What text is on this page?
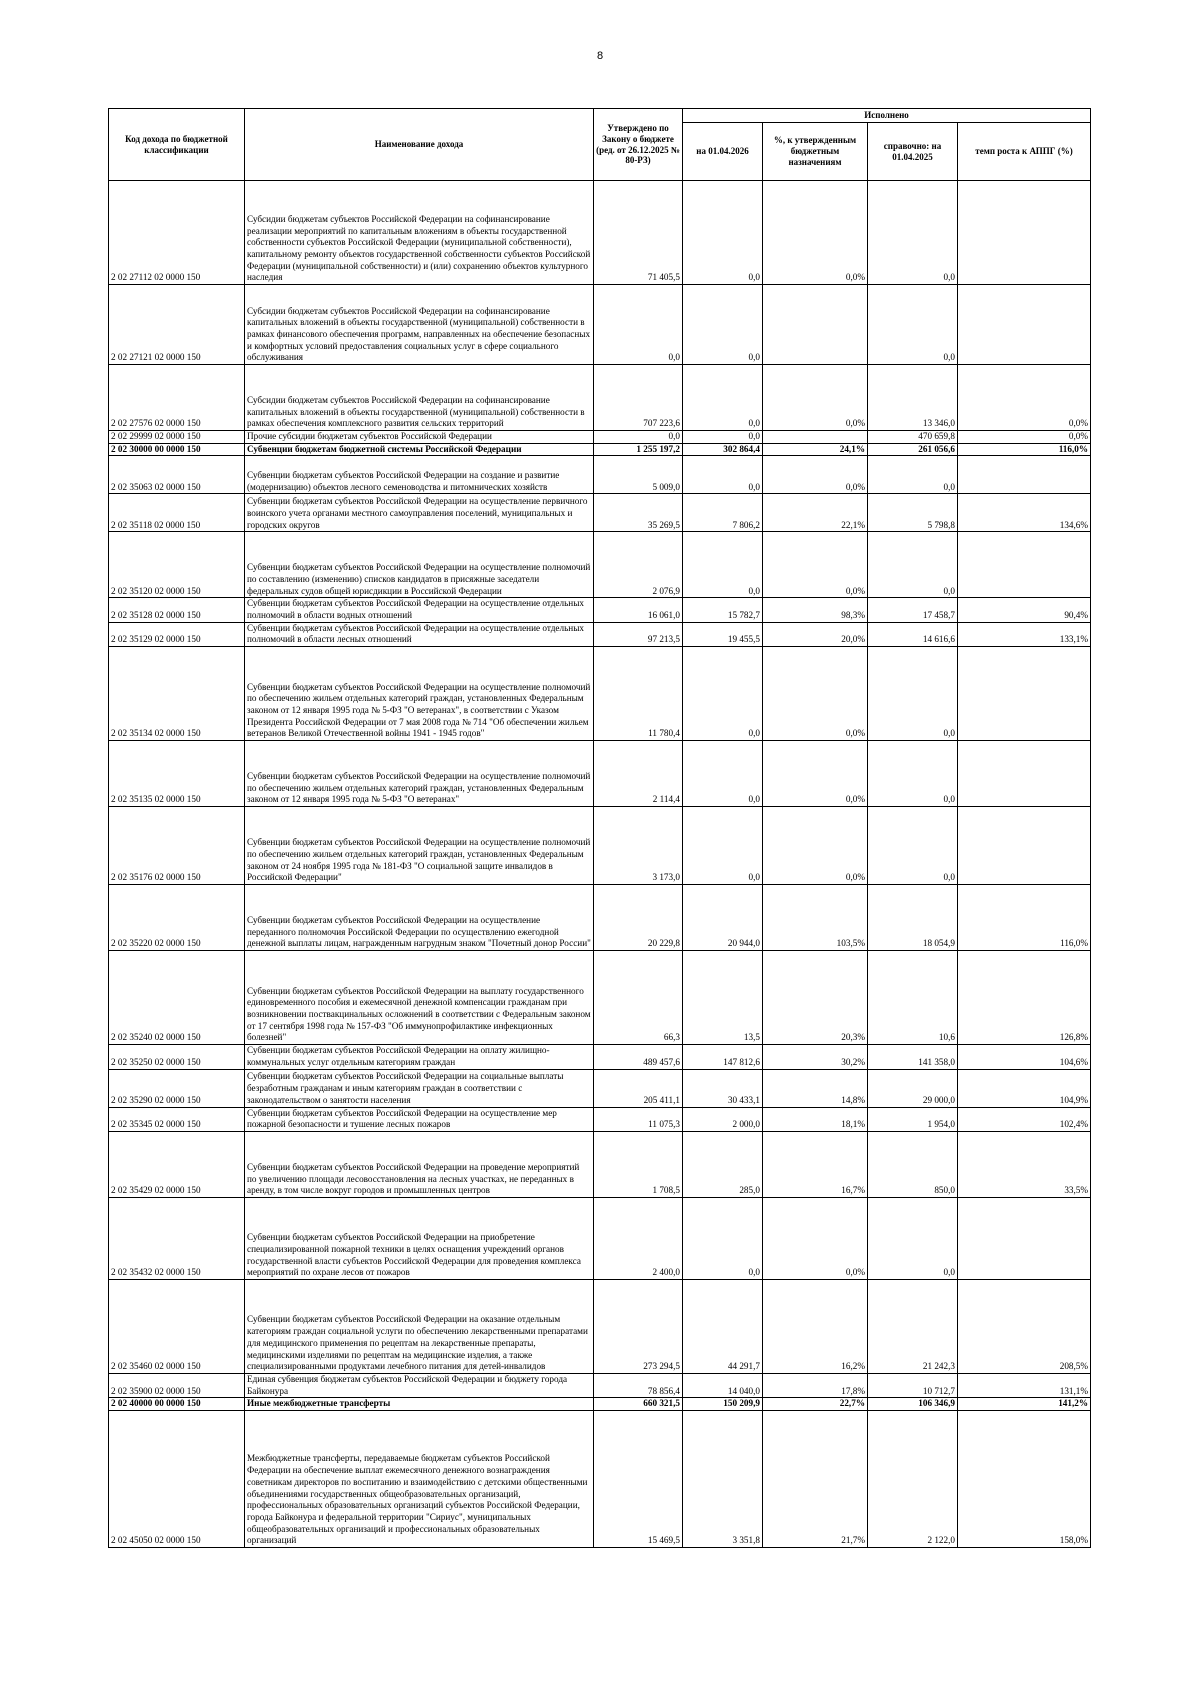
8
Код дохода по бюджетной классификации	Наименование дохода	Утверждено по Закону о бюджете (ред. от 26.12.2025 № 80-РЗ)	Исполнено			
			на 01.04.2026	%, к утвержденным бюджетным назначениям	справочно: на 01.04.2025	темп роста к АППГ (%)
2 02 27112 02 0000 150	Субсидии бюджетам субъектов Российской Федерации на софинансирование реализации мероприятий по капитальным вложениям в объекты государственной собственности субъектов Российской Федерации (муниципальной собственности), капитальному ремонту объектов государственной собственности субъектов Российской Федерации (муниципальной собственности) и (или) сохранению объектов культурного наследия	71 405,5	0,0	0,0%	0,0	
2 02 27121 02 0000 150	Субсидии бюджетам субъектов Российской Федерации на софинансирование капитальных вложений в объекты государственной (муниципальной) собственности в рамках финансового обеспечения программ, направленных на обеспечение безопасных и комфортных условий предоставления социальных услуг в сфере социального обслуживания	0,0	0,0		0,0	
2 02 27576 02 0000 150	Субсидии бюджетам субъектов Российской Федерации на софинансирование капитальных вложений в объекты государственной (муниципальной) собственности в рамках обеспечения комплексного развития сельских территорий	707 223,6	0,0	0,0%	13 346,0	0,0%
2 02 29999 02 0000 150	Прочие субсидии бюджетам субъектов Российской Федерации	0,0	0,0		470 659,8	0,0%
2 02 30000 00 0000 150	Субвенции бюджетам бюджетной системы Российской Федерации	1 255 197,2	302 864,4	24,1%	261 056,6	116,0%
2 02 35063 02 0000 150	Субвенции бюджетам субъектов Российской Федерации на создание и развитие (модернизацию) объектов лесного семеноводства и питомнических хозяйств	5 009,0	0,0	0,0%	0,0	
2 02 35118 02 0000 150	Субвенции бюджетам субъектов Российской Федерации на осуществление первичного воинского учета органами местного самоуправления поселений, муниципальных и городских округов	35 269,5	7 806,2	22,1%	5 798,8	134,6%
2 02 35120 02 0000 150	Субвенции бюджетам субъектов Российской Федерации на осуществление полномочий по составлению (изменению) списков кандидатов в присяжные заседатели федеральных судов общей юрисдикции в Российской Федерации	2 076,9	0,0	0,0%	0,0	
2 02 35128 02 0000 150	Субвенции бюджетам субъектов Российской Федерации на осуществление отдельных полномочий в области водных отношений	16 061,0	15 782,7	98,3%	17 458,7	90,4%
2 02 35129 02 0000 150	Субвенции бюджетам субъектов Российской Федерации на осуществление отдельных полномочий в области лесных отношений	97 213,5	19 455,5	20,0%	14 616,6	133,1%
2 02 35134 02 0000 150	Субвенции бюджетам субъектов Российской Федерации на осуществление полномочий по обеспечению жильем отдельных категорий граждан, установленных Федеральным законом от 12 января 1995 года № 5-ФЗ "О ветеранах", в соответствии с Указом Президента Российской Федерации от 7 мая 2008 года № 714 "Об обеспечении жильем ветеранов Великой Отечественной войны 1941 - 1945 годов"	11 780,4	0,0	0,0%	0,0	
2 02 35135 02 0000 150	Субвенции бюджетам субъектов Российской Федерации на осуществление полномочий по обеспечению жильем отдельных категорий граждан, установленных Федеральным законом от 12 января 1995 года № 5-ФЗ "О ветеранах"	2 114,4	0,0	0,0%	0,0	
2 02 35176 02 0000 150	Субвенции бюджетам субъектов Российской Федерации на осуществление полномочий по обеспечению жильем отдельных категорий граждан, установленных Федеральным законом от 24 ноября 1995 года № 181-ФЗ "О социальной защите инвалидов в Российской Федерации"	3 173,0	0,0	0,0%	0,0	
2 02 35220 02 0000 150	Субвенции бюджетам субъектов Российской Федерации на осуществление переданного полномочия Российской Федерации по осуществлению ежегодной денежной выплаты лицам, награжденным нагрудным знаком "Почетный донор России"	20 229,8	20 944,0	103,5%	18 054,9	116,0%
2 02 35240 02 0000 150	Субвенции бюджетам субъектов Российской Федерации на выплату государственного единовременного пособия и ежемесячной денежной компенсации гражданам при возникновении поствакцинальных осложнений в соответствии с Федеральным законом от 17 сентября 1998 года № 157-ФЗ "Об иммунопрофилактике инфекционных болезней"	66,3	13,5	20,3%	10,6	126,8%
2 02 35250 02 0000 150	Субвенции бюджетам субъектов Российской Федерации на оплату жилищно-коммунальных услуг отдельным категориям граждан	489 457,6	147 812,6	30,2%	141 358,0	104,6%
2 02 35290 02 0000 150	Субвенции бюджетам субъектов Российской Федерации на социальные выплаты безработным гражданам и иным категориям граждан в соответствии с законодательством о занятости населения	205 411,1	30 433,1	14,8%	29 000,0	104,9%
2 02 35345 02 0000 150	Субвенции бюджетам субъектов Российской Федерации на осуществление мер пожарной безопасности и тушение лесных пожаров	11 075,3	2 000,0	18,1%	1 954,0	102,4%
2 02 35429 02 0000 150	Субвенции бюджетам субъектов Российской Федерации на проведение мероприятий по увеличению площади лесовосстановления на лесных участках, не переданных в аренду, в том числе вокруг городов и промышленных центров	1 708,5	285,0	16,7%	850,0	33,5%
2 02 35432 02 0000 150	Субвенции бюджетам субъектов Российской Федерации на приобретение специализированной пожарной техники в целях оснащения учреждений органов государственной власти субъектов Российской Федерации для проведения комплекса мероприятий по охране лесов от пожаров	2 400,0	0,0	0,0%	0,0	
2 02 35460 02 0000 150	Субвенции бюджетам субъектов Российской Федерации на оказание отдельным категориям граждан социальной услуги по обеспечению лекарственными препаратами для медицинского применения по рецептам на лекарственные препараты, медицинскими изделиями по рецептам на медицинские изделия, а также специализированными продуктами лечебного питания для детей-инвалидов	273 294,5	44 291,7	16,2%	21 242,3	208,5%
2 02 35900 02 0000 150	Единая субвенция бюджетам субъектов Российской Федерации и бюджету города Байконура	78 856,4	14 040,0	17,8%	10 712,7	131,1%
2 02 40000 00 0000 150	Иные межбюджетные трансферты	660 321,5	150 209,9	22,7%	106 346,9	141,2%
2 02 45050 02 0000 150	Межбюджетные трансферты, передаваемые бюджетам субъектов Российской Федерации на обеспечение выплат ежемесячного денежного вознаграждения советникам директоров по воспитанию и взаимодействию с детскими общественными объединениями государственных общеобразовательных организаций, профессиональных образовательных организаций субъектов Российской Федерации, города Байконура и федеральной территории "Сириус", муниципальных общеобразовательных организаций и профессиональных образовательных организаций	15 469,5	3 351,8	21,7%	2 122,0	158,0%
